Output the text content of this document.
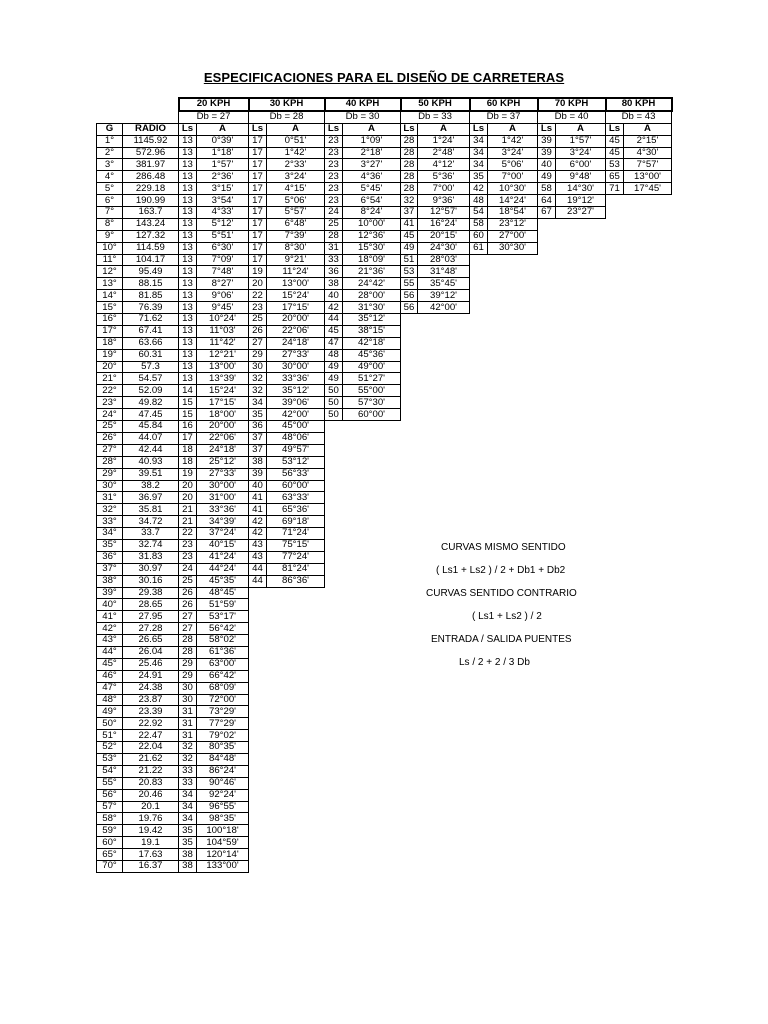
ESPECIFICACIONES PARA EL DISEÑO DE CARRETERAS
		20 KPH		30 KPH		40 KPH		50 KPH		60 KPH		70 KPH		80 KPH	
		Db = 27		Db = 28		Db = 30		Db = 33		Db = 37		Db = 40		Db = 43	
G	RADIO	Ls	A	Ls	A	Ls	A	Ls	A	Ls	A	Ls	A	Ls	A
1°	1145.92	13	0°39'	17	0°51'	23	1°09'	28	1°24'	34	1°42'	39	1°57'	45	2°15'
2°	572.96	13	1°18'	17	1°42'	23	2°18'	28	2°48'	34	3°24'	39	3°24'	45	4°30'
3°	381.97	13	1°57'	17	2°33'	23	3°27'	28	4°12'	34	5°06'	40	6°00'	53	7°57'
4°	286.48	13	2°36'	17	3°24'	23	4°36'	28	5°36'	35	7°00'	49	9°48'	65	13°00'
5°	229.18	13	3°15'	17	4°15'	23	5°45'	28	7°00'	42	10°30'	58	14°30'	71	17°45'
6°	190.99	13	3°54'	17	5°06'	23	6°54'	32	9°36'	48	14°24'	64	19°12'		
7°	163.7	13	4°33'	17	5°57'	24	8°24'	37	12°57'	54	18°54'	67	23°27'		
8°	143.24	13	5°12'	17	6°48'	25	10°00'	41	16°24'	58	23°12'				
9°	127.32	13	5°51'	17	7°39'	28	12°36'	45	20°15'	60	27°00'				
10°	114.59	13	6°30'	17	8°30'	31	15°30'	49	24°30'	61	30°30'				
11°	104.17	13	7°09'	17	9°21'	33	18°09'	51	28°03'						
12°	95.49	13	7°48'	19	11°24'	36	21°36'	53	31°48'						
13°	88.15	13	8°27'	20	13°00'	38	24°42'	55	35°45'						
14°	81.85	13	9°06'	22	15°24'	40	28°00'	56	39°12'						
15°	76.39	13	9°45'	23	17°15'	42	31°30'	56	42°00'						
16°	71.62	13	10°24'	25	20°00'	44	35°12'								
17°	67.41	13	11°03'	26	22°06'	45	38°15'								
18°	63.66	13	11°42'	27	24°18'	47	42°18'								
19°	60.31	13	12°21'	29	27°33'	48	45°36'								
20°	57.3	13	13°00'	30	30°00'	49	49°00'								
21°	54.57	13	13°39'	32	33°36'	49	51°27'								
22°	52.09	14	15°24'	32	35°12'	50	55°00'								
23°	49.82	15	17°15'	34	39°06'	50	57°30'								
24°	47.45	15	18°00'	35	42°00'	50	60°00'								
25°	45.84	16	20°00'	36	45°00'										
26°	44.07	17	22°06'	37	48°06'										
27°	42.44	18	24°18'	37	49°57'										
28°	40.93	18	25°12'	38	53°12'										
29°	39.51	19	27°33'	39	56°33'										
30°	38.2	20	30°00'	40	60°00'										
31°	36.97	20	31°00'	41	63°33'										
32°	35.81	21	33°36'	41	65°36'										
33°	34.72	21	34°39'	42	69°18'										
34°	33.7	22	37°24'	42	71°24'										
35°	32.74	23	40°15'	43	75°15'										
36°	31.83	23	41°24'	43	77°24'										
37°	30.97	24	44°24'	44	81°24'										
38°	30.16	25	45°35'	44	86°36'										
39°	29.38	26	48°45'												
40°	28.65	26	51°59'												
41°	27.95	27	53°17'												
42°	27.28	27	56°42'												
43°	26.65	28	58°02'												
44°	26.04	28	61°36'												
45°	25.46	29	63°00'												
46°	24.91	29	66°42'												
47°	24.38	30	68°09'												
48°	23.87	30	72°00'												
49°	23.39	31	73°29'												
50°	22.92	31	77°29'												
51°	22.47	31	79°02'												
52°	22.04	32	80°35'												
53°	21.62	32	84°48'												
54°	21.22	33	86°24'												
55°	20.83	33	90°46'												
56°	20.46	34	92°24'												
57°	20.1	34	96°55'												
58°	19.76	34	98°35'												
59°	19.42	35	100°18'												
60°	19.1	35	104°59'												
65°	17.63	38	120°14'												
70°	16.37	38	133°00'												
CURVAS MISMO SENTIDO
( Ls1 + Ls2 ) / 2 + Db1 + Db2
CURVAS SENTIDO CONTRARIO
( Ls1 + Ls2 ) / 2
ENTRADA / SALIDA PUENTES
Ls / 2 + 2 / 3 Db
